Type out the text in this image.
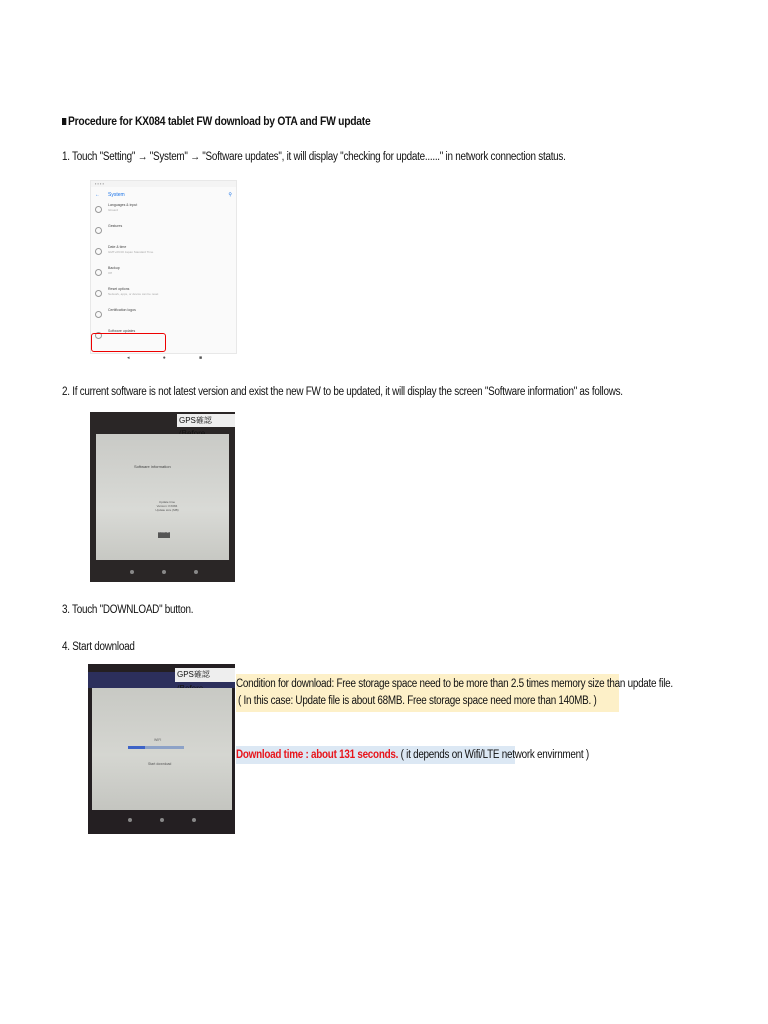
Procedure for KX084 tablet FW download by OTA and FW update
1. Touch "Setting" → "System" → "Software updates", it will display "checking for update......" in network connection status.
▪ ▪ ▪ ▪
← System	⚲
Languages & input
Gboard
Gestures
Date & time
GMT+09:00 Japan Standard Time
Backup
Off
Reset options
Network, apps, or device can be reset
Certification logos
Software updates
◂	●	■
2. If current software is not latest version and exist the new FW to be updated, it will display the screen "Software information" as follows.
GPS確認
Software information
Update time
Version: KX084
Update size (MB)
DOWNLOAD
3. Touch "DOWNLOAD" button.
4. Start download
GPS確認
WIFI
Start download
Condition for download: Free storage space need to be more than 2.5 times memory size than update file.
( In this case: Update file is about 68MB. Free storage space need more than 140MB. )
Download time : about 131 seconds. ( it depends on Wifi/LTE network envirnment )
